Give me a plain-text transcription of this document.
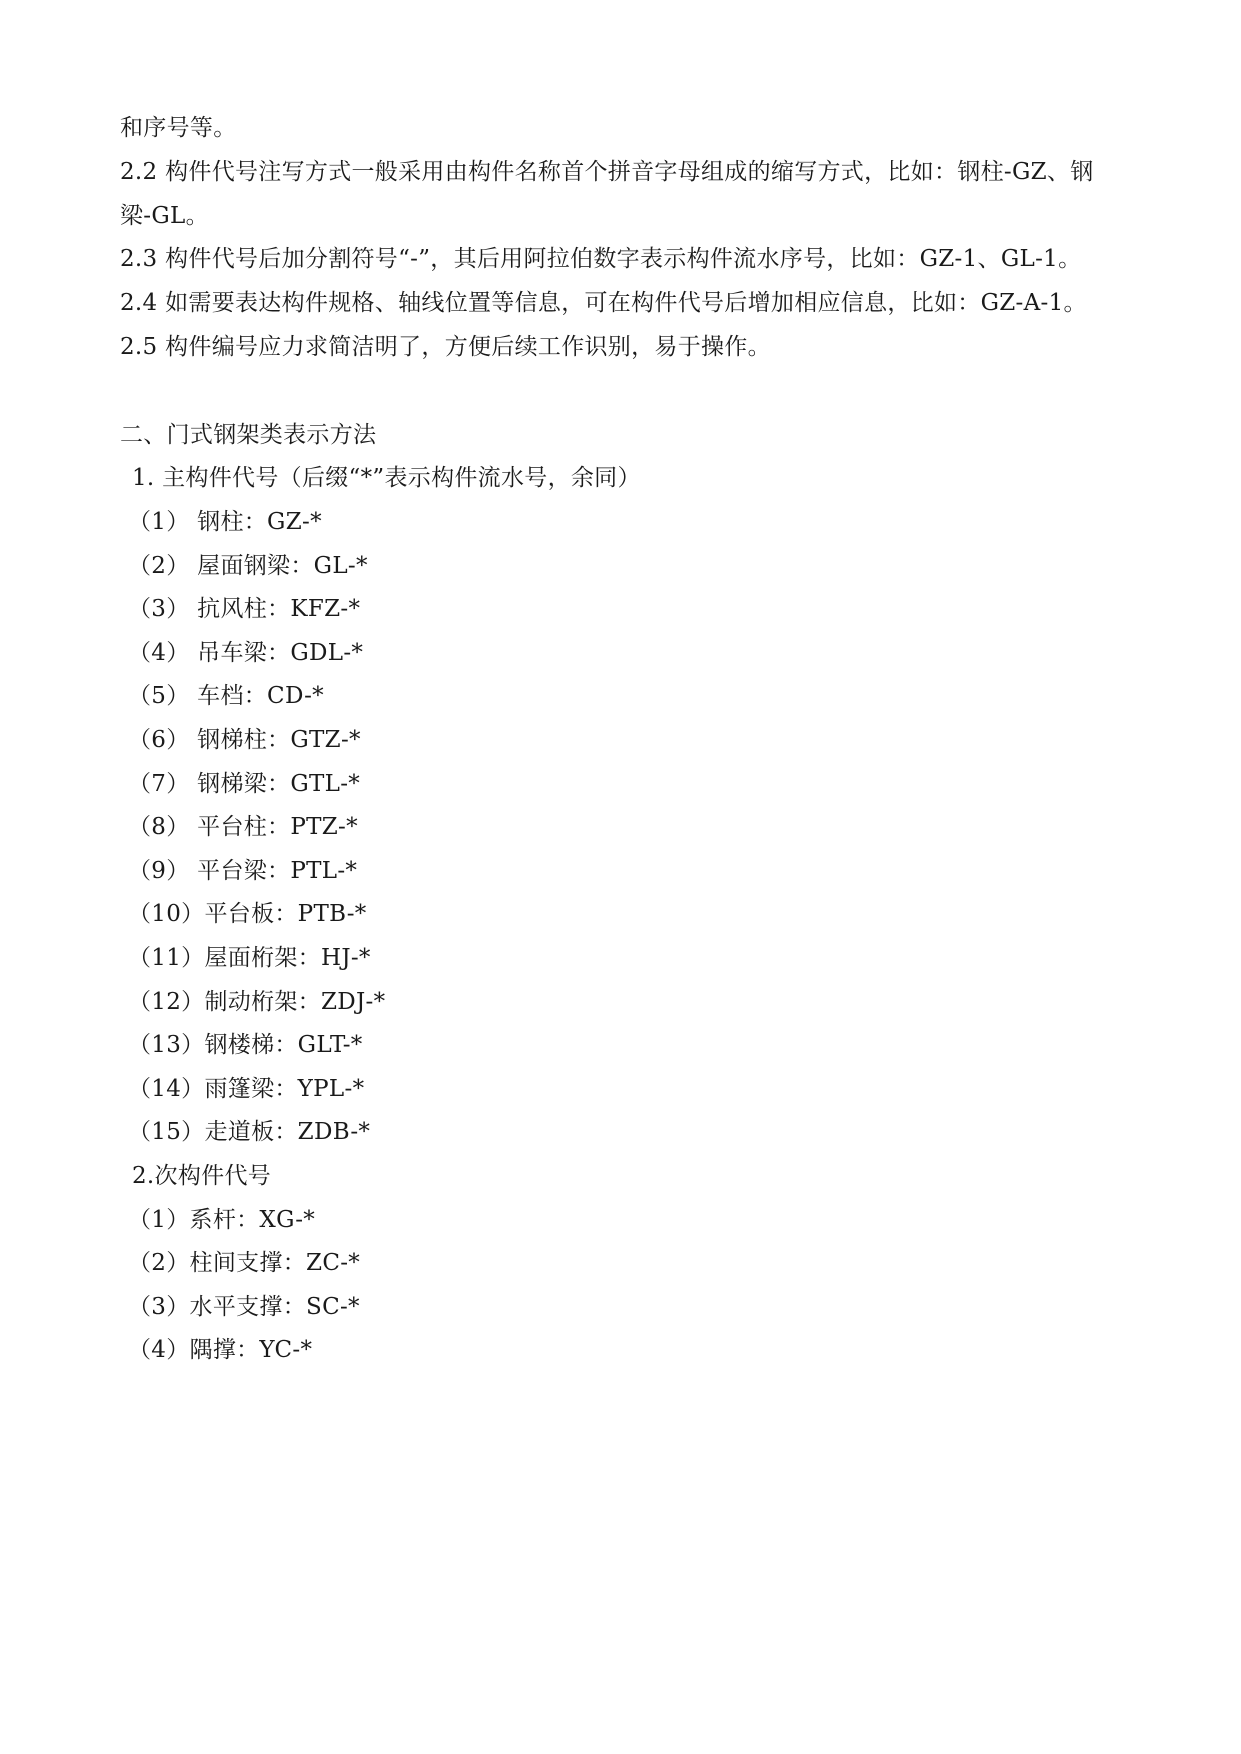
和序号等。
2.2 构件代号注写方式一般采用由构件名称首个拼音字母组成的缩写方式，比如：钢柱-GZ、钢
梁-GL。
2.3 构件代号后加分割符号“-”，其后用阿拉伯数字表示构件流水序号，比如：GZ-1、GL-1。
2.4 如需要表达构件规格、轴线位置等信息，可在构件代号后增加相应信息，比如：GZ-A-1。
2.5 构件编号应力求简洁明了，方便后续工作识别，易于操作。
二、门式钢架类表示方法
1. 主构件代号（后缀“*”表示构件流水号，余同）
（1） 钢柱：GZ-*
（2） 屋面钢梁：GL-*
（3） 抗风柱：KFZ-*
（4） 吊车梁：GDL-*
（5） 车档：CD-*
（6） 钢梯柱：GTZ-*
（7） 钢梯梁：GTL-*
（8） 平台柱：PTZ-*
（9） 平台梁：PTL-*
（10）平台板：PTB-*
（11）屋面桁架：HJ-*
（12）制动桁架：ZDJ-*
（13）钢楼梯：GLT-*
（14）雨篷梁：YPL-*
（15）走道板：ZDB-*
2.次构件代号
（1）系杆：XG-*
（2）柱间支撑：ZC-*
（3）水平支撑：SC-*
（4）隅撑：YC-*
